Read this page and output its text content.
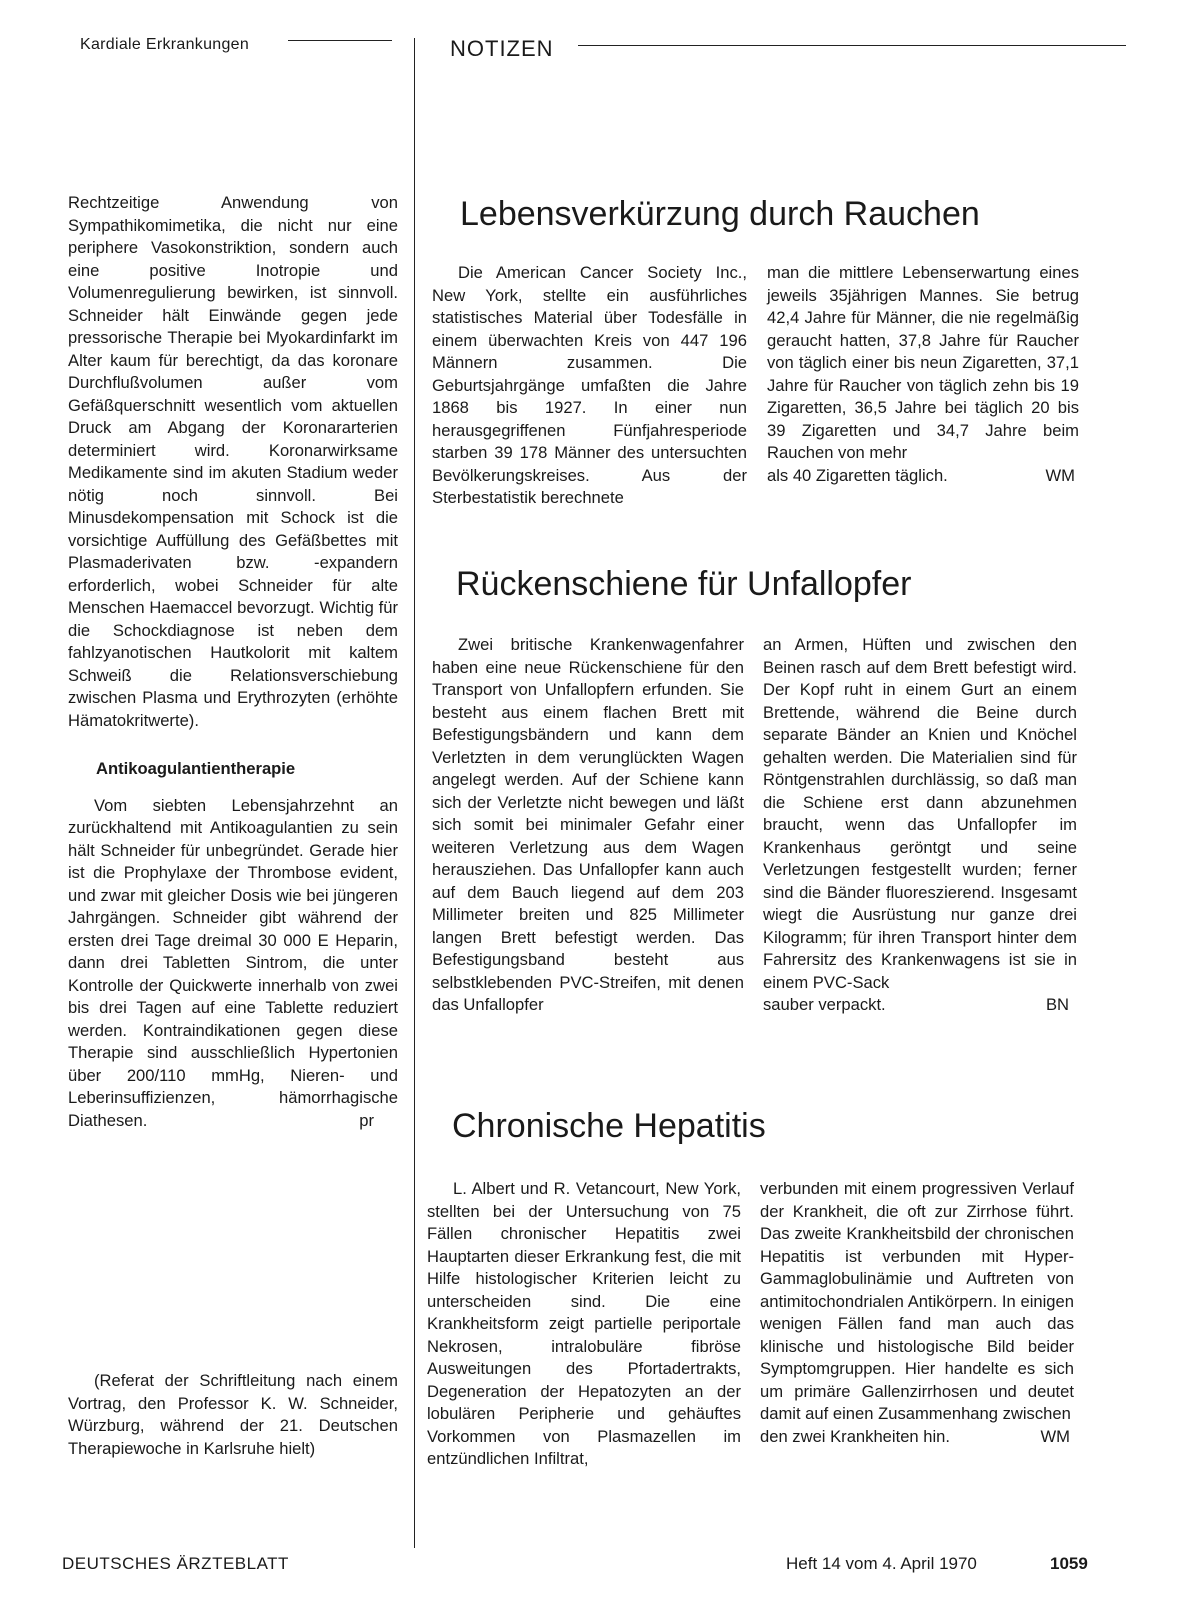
Kardiale Erkrankungen	NOTIZEN

Rechtzeitige Anwendung von Sympathikomimetika, die nicht nur eine periphere Vasokonstriktion, sondern auch eine positive Inotropie und Volumenregulierung bewirken, ist sinnvoll. Schneider hält Einwände gegen jede pressorische Therapie bei Myokardinfarkt im Alter kaum für berechtigt, da das koronare Durchflußvolumen außer vom Gefäßquerschnitt wesentlich vom aktuellen Druck am Abgang der Koronararterien determiniert wird. Koronarwirksame Medikamente sind im akuten Stadium weder nötig noch sinnvoll. Bei Minusdekompensation mit Schock ist die vorsichtige Auffüllung des Gefäßbettes mit Plasmaderivaten bzw. -expandern erforderlich, wobei Schneider für alte Menschen Haemaccel bevorzugt. Wichtig für die Schockdiagnose ist neben dem fahlzyanotischen Hautkolorit mit kaltem Schweiß die Relationsverschiebung zwischen Plasma und Erythrozyten (erhöhte Hämatokritwerte).

Antikoagulantientherapie

Vom siebten Lebensjahrzehnt an zurückhaltend mit Antikoagulantien zu sein hält Schneider für unbegründet. Gerade hier ist die Prophylaxe der Thrombose evident, und zwar mit gleicher Dosis wie bei jüngeren Jahrgängen. Schneider gibt während der ersten drei Tage dreimal 30 000 E Heparin, dann drei Tabletten Sintrom, die unter Kontrolle der Quickwerte innerhalb von zwei bis drei Tagen auf eine Tablette reduziert werden. Kontraindikationen gegen diese Therapie sind ausschließlich Hypertonien über 200/110 mmHg, Nieren- und Leberinsuffizienzen, hämorrhagische Diathesen.	pr

(Referat der Schriftleitung nach einem Vortrag, den Professor K. W. Schneider, Würzburg, während der 21. Deutschen Therapiewoche in Karlsruhe hielt)

Lebensverkürzung durch Rauchen

Die American Cancer Society Inc., New York, stellte ein ausführliches statistisches Material über Todesfälle in einem überwachten Kreis von 447 196 Männern zusammen. Die Geburtsjahrgänge umfaßten die Jahre 1868 bis 1927. In einer nun herausgegriffenen Fünfjahresperiode starben 39 178 Männer des untersuchten Bevölkerungskreises. Aus der Sterbestatistik berechnete

man die mittlere Lebenserwartung eines jeweils 35jährigen Mannes. Sie betrug 42,4 Jahre für Männer, die nie regelmäßig geraucht hatten, 37,8 Jahre für Raucher von täglich einer bis neun Zigaretten, 37,1 Jahre für Raucher von täglich zehn bis 19 Zigaretten, 36,5 Jahre bei täglich 20 bis 39 Zigaretten und 34,7 Jahre beim Rauchen von mehr

als 40 Zigaretten täglich.	WM
Rückenschiene für Unfallopfer

Zwei britische Krankenwagenfahrer haben eine neue Rückenschiene für den Transport von Unfallopfern erfunden. Sie besteht aus einem flachen Brett mit Befestigungsbändern und kann dem Verletzten in dem verunglückten Wagen angelegt werden. Auf der Schiene kann sich der Verletzte nicht bewegen und läßt sich somit bei minimaler Gefahr einer weiteren Verletzung aus dem Wagen herausziehen. Das Unfallopfer kann auch auf dem Bauch liegend auf dem 203 Millimeter breiten und 825 Millimeter langen Brett befestigt werden. Das Befestigungsband besteht aus selbstklebenden PVC-Streifen, mit denen das Unfallopfer

an Armen, Hüften und zwischen den Beinen rasch auf dem Brett befestigt wird. Der Kopf ruht in einem Gurt an einem Brettende, während die Beine durch separate Bänder an Knien und Knöchel gehalten werden. Die Materialien sind für Röntgenstrahlen durchlässig, so daß man die Schiene erst dann abzunehmen braucht, wenn das Unfallopfer im Krankenhaus geröntgt und seine Verletzungen festgestellt wurden; ferner sind die Bänder fluoreszierend. Insgesamt wiegt die Ausrüstung nur ganze drei Kilogramm; für ihren Transport hinter dem Fahrersitz des Krankenwagens ist sie in einem PVC-Sack

sauber verpackt.	BN
Chronische Hepatitis

L. Albert und R. Vetancourt, New York, stellten bei der Untersuchung von 75 Fällen chronischer Hepatitis zwei Hauptarten dieser Erkrankung fest, die mit Hilfe histologischer Kriterien leicht zu unterscheiden sind. Die eine Krankheitsform zeigt partielle periportale Nekrosen, intralobuläre fibröse Ausweitungen des Pfortadertrakts, Degeneration der Hepatozyten an der lobulären Peripherie und gehäuftes Vorkommen von Plasmazellen im entzündlichen Infiltrat,

verbunden mit einem progressiven Verlauf der Krankheit, die oft zur Zirrhose führt. Das zweite Krankheitsbild der chronischen Hepatitis ist verbunden mit Hyper-Gammaglobulinämie und Auftreten von antimitochondrialen Antikörpern. In einigen wenigen Fällen fand man auch das klinische und histologische Bild beider Symptomgruppen. Hier handelte es sich um primäre Gallenzirrhosen und deutet damit auf einen Zusammenhang zwischen

den zwei Krankheiten hin.	WM
DEUTSCHES ÄRZTEBLATT	Heft 14 vom 4. April 1970	1059
